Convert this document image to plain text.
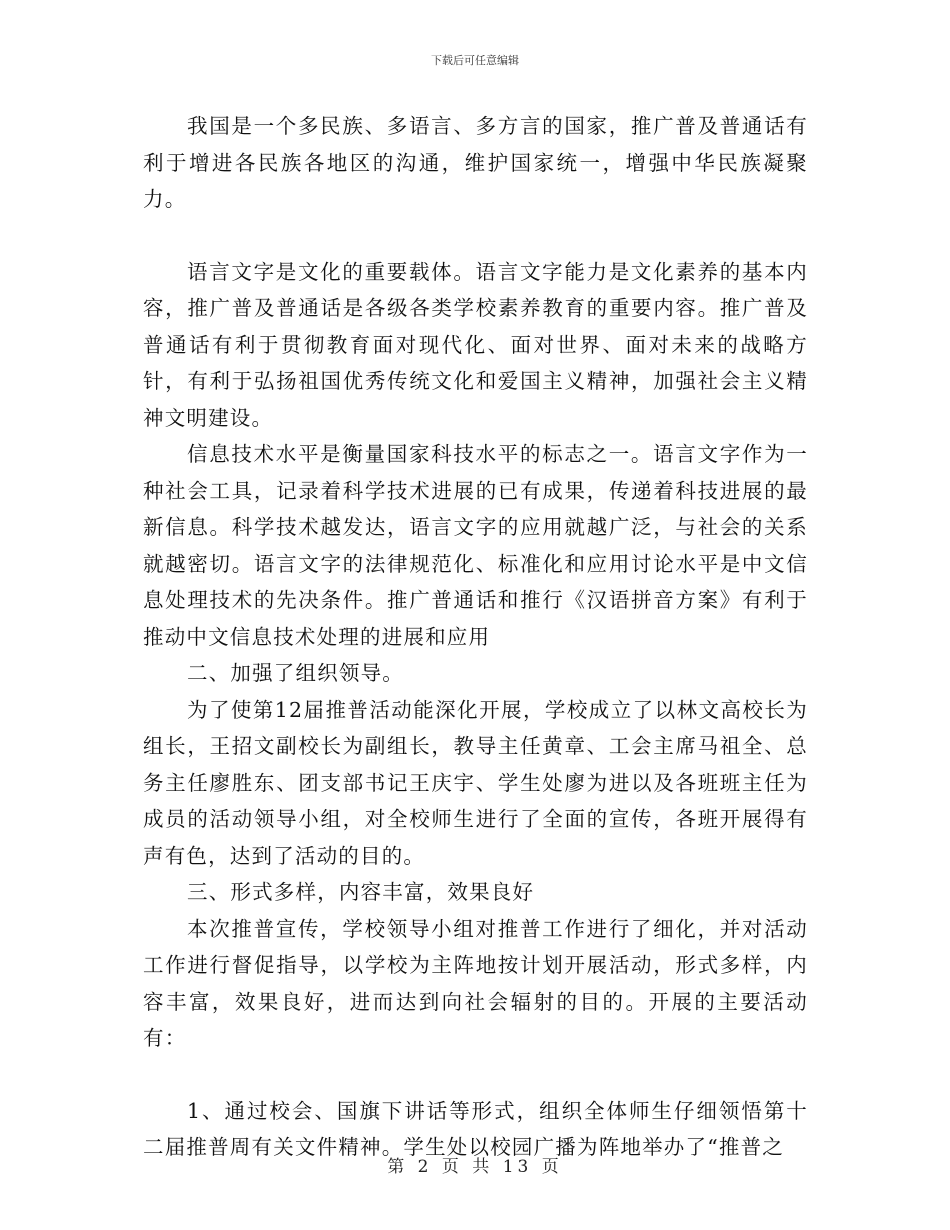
下载后可任意编辑

我国是一个多民族、多语言、多方言的国家，推广普及普通话有利于增进各民族各地区的沟通，维护国家统一，增强中华民族凝聚力。

语言文字是文化的重要载体。语言文字能力是文化素养的基本内容，推广普及普通话是各级各类学校素养教育的重要内容。推广普及普通话有利于贯彻教育面对现代化、面对世界、面对未来的战略方针，有利于弘扬祖国优秀传统文化和爱国主义精神，加强社会主义精神文明建设。

信息技术水平是衡量国家科技水平的标志之一。语言文字作为一种社会工具，记录着科学技术进展的已有成果，传递着科技进展的最新信息。科学技术越发达，语言文字的应用就越广泛，与社会的关系就越密切。语言文字的法律规范化、标准化和应用讨论水平是中文信息处理技术的先决条件。推广普通话和推行《汉语拼音方案》有利于推动中文信息技术处理的进展和应用

二、加强了组织领导。

为了使第12届推普活动能深化开展，学校成立了以林文高校长为组长，王招文副校长为副组长，教导主任黄章、工会主席马祖全、总务主任廖胜东、团支部书记王庆宇、学生处廖为进以及各班班主任为成员的活动领导小组，对全校师生进行了全面的宣传，各班开展得有声有色，达到了活动的目的。

三、形式多样，内容丰富，效果良好

本次推普宣传，学校领导小组对推普工作进行了细化，并对活动工作进行督促指导，以学校为主阵地按计划开展活动，形式多样，内容丰富，效果良好，进而达到向社会辐射的目的。开展的主要活动有：

1、通过校会、国旗下讲话等形式，组织全体师生仔细领悟第十二届推普周有关文件精神。学生处以校园广播为阵地举办了“推普之

第 2 页 共 13 页
